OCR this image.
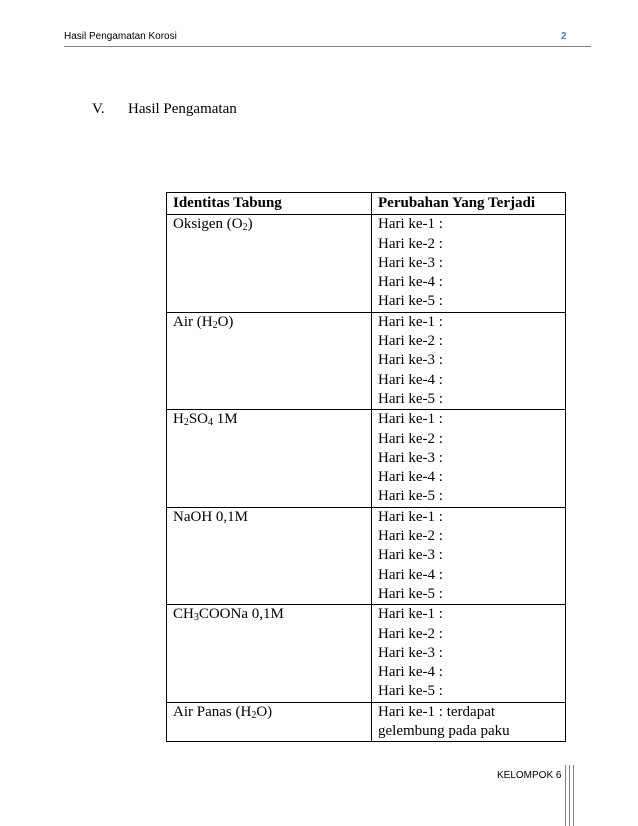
Hasil Pengamatan Korosi	2
V. Hasil Pengamatan
Identitas Tabung	Perubahan Yang Terjadi
Oksigen $(O_2)$	Hari ke-1 :
Hari ke-2 :
Hari ke-3 :
Hari ke-4 :
Hari ke-5 :

Air $(H_2O)$	Hari ke-1 :
Hari ke-2 :
Hari ke-3 :
Hari ke-4 :
Hari ke-5 :

$H_2SO_4$ 1M	Hari ke-1 :
Hari ke-2 :
Hari ke-3 :
Hari ke-4 :
Hari ke-5 :

NaOH 0,1M	Hari ke-1 :
Hari ke-2 :
Hari ke-3 :
Hari ke-4 :
Hari ke-5 :

$CH_3COONa$ 0,1M	Hari ke-1 :
Hari ke-2 :
Hari ke-3 :
Hari ke-4 :
Hari ke-5 :

Air Panas $(H_2O)$	Hari ke-1 : terdapat
gelembung pada paku
KELOMPOK 6
